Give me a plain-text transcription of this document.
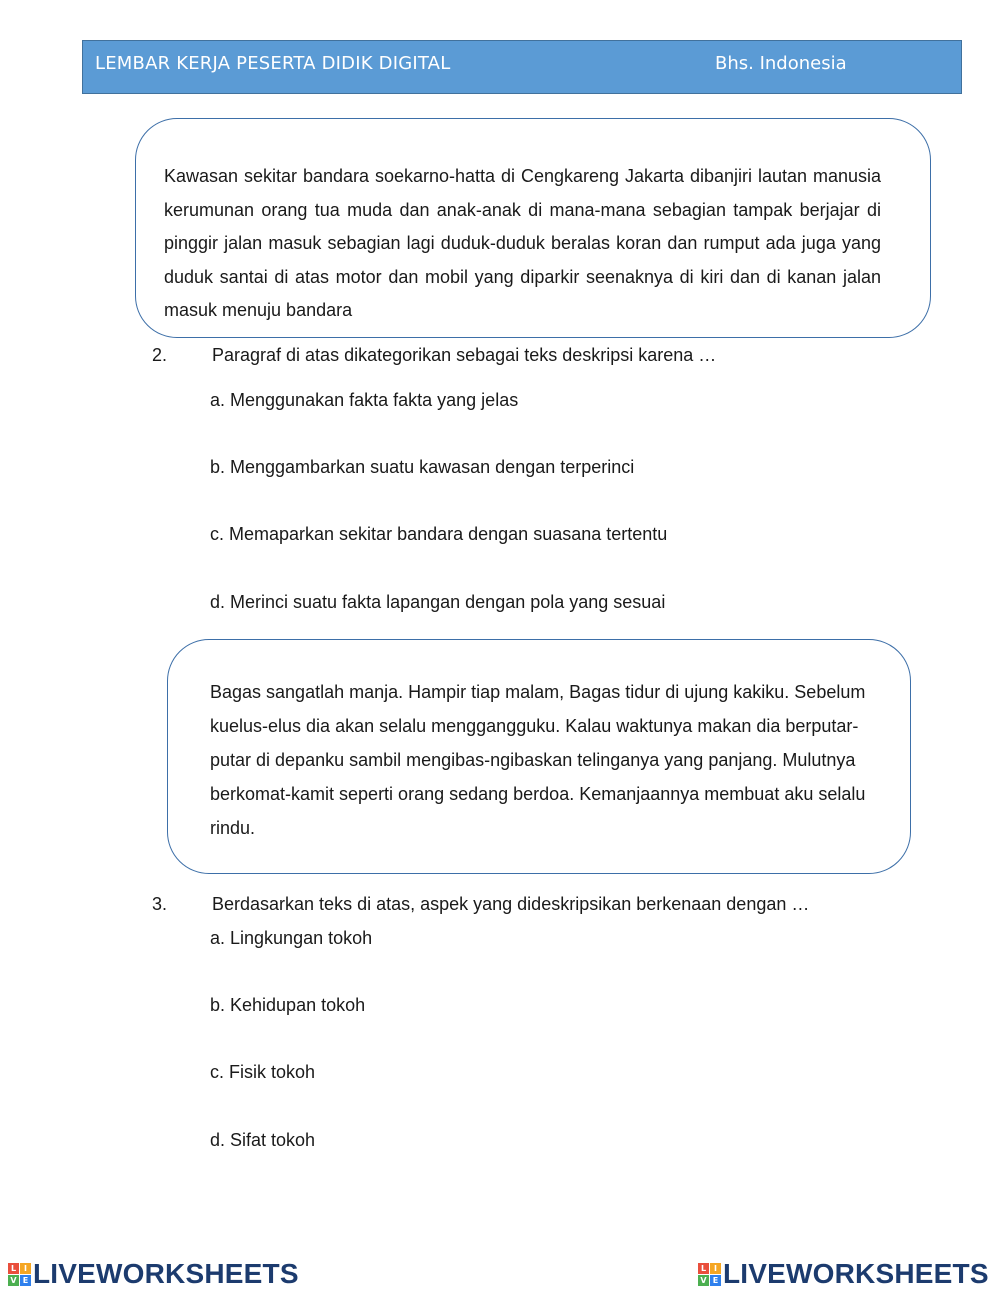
LEMBAR KERJA PESERTA DIDIK DIGITAL	Bhs. Indonesia

Kawasan sekitar bandara soekarno-hatta di Cengkareng Jakarta dibanjiri lautan manusia kerumunan orang tua muda dan anak-anak di mana-mana sebagian tampak berjajar di pinggir jalan masuk sebagian lagi duduk-duduk beralas koran dan rumput ada juga yang duduk santai di atas motor dan mobil yang diparkir seenaknya di kiri dan di kanan jalan masuk menuju bandara

2. Paragraf di atas dikategorikan sebagai teks deskripsi karena …
a. Menggunakan fakta fakta yang jelas
b. Menggambarkan suatu kawasan dengan terperinci
c. Memaparkan sekitar bandara dengan suasana tertentu
d. Merinci suatu fakta lapangan dengan pola yang sesuai

Bagas sangatlah manja. Hampir tiap malam, Bagas tidur di ujung kakiku. Sebelum kuelus-elus dia akan selalu menggangguku. Kalau waktunya makan dia berputar-putar di depanku sambil mengibas-ngibaskan telinganya yang panjang. Mulutnya berkomat-kamit seperti orang sedang berdoa. Kemanjaannya membuat aku selalu rindu.

3. Berdasarkan teks di atas, aspek yang dideskripsikan berkenaan dengan …
a. Lingkungan tokoh
b. Kehidupan tokoh
c. Fisik tokoh
d. Sifat tokoh
L I
V E LIVEWORKSHEETS	L I
V E LIVEWORKSHEETS
